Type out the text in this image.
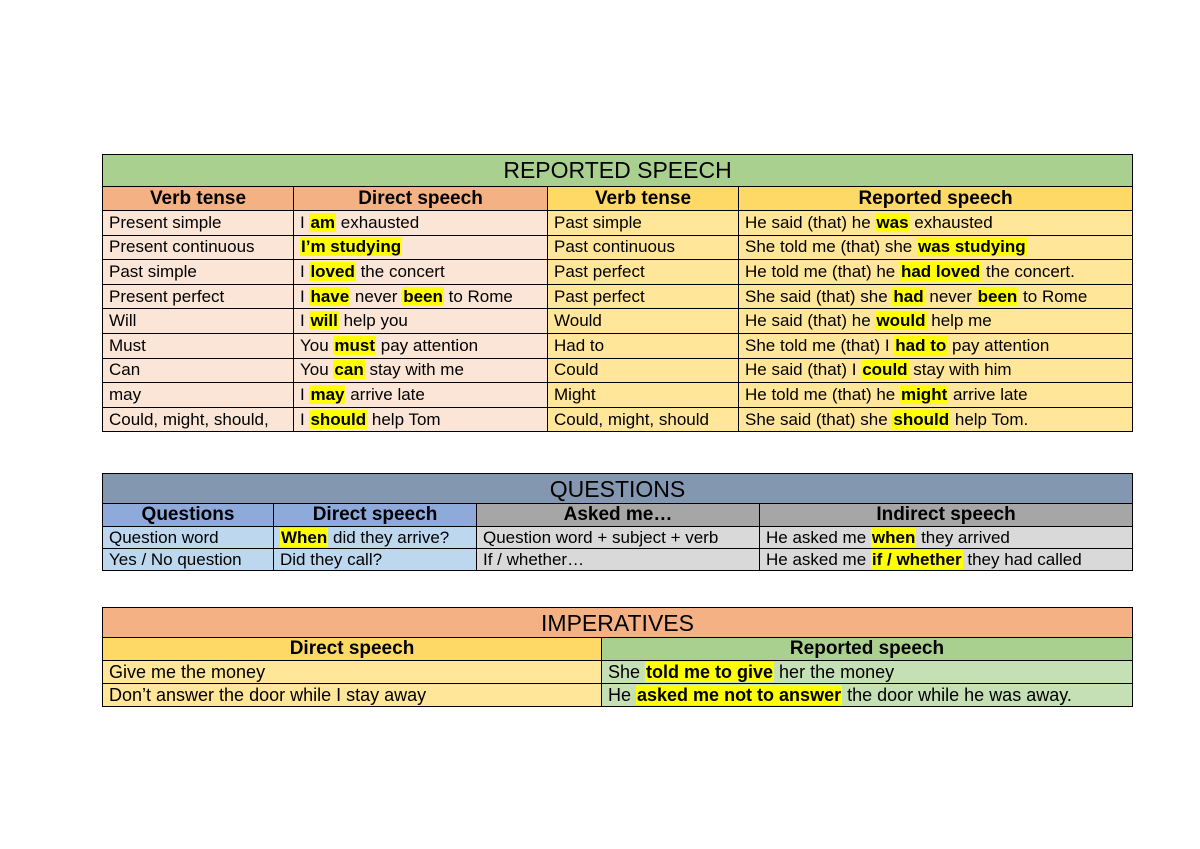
REPORTED SPEECH			
Verb tense	Direct speech	Verb tense	Reported speech
Present simple	I am exhausted	Past simple	He said (that) he was exhausted
Present continuous	I’m studying	Past continuous	She told me (that) she was studying
Past simple	I loved the concert	Past perfect	He told me (that) he had loved the concert.
Present perfect	I have never been to Rome	Past perfect	She said (that) she had never been to Rome
Will	I will help you	Would	He said (that) he would help me
Must	You must pay attention	Had to	She told me (that) I had to pay attention
Can	You can stay with me	Could	He said (that) I could stay with him
may	I may arrive late	Might	He told me (that) he might arrive late
Could, might, should,	I should help Tom	Could, might, should	She said (that) she should help Tom.
QUESTIONS			
Questions	Direct speech	Asked me…	Indirect speech
Question word	When did they arrive?	Question word + subject + verb	He asked me when they arrived
Yes / No question	Did they call?	If / whether…	He asked me if / whether they had called
IMPERATIVES	
Direct speech	Reported speech
Give me the money	She told me to give her the money
Don’t answer the door while I stay away	He asked me not to answer the door while he was away.
